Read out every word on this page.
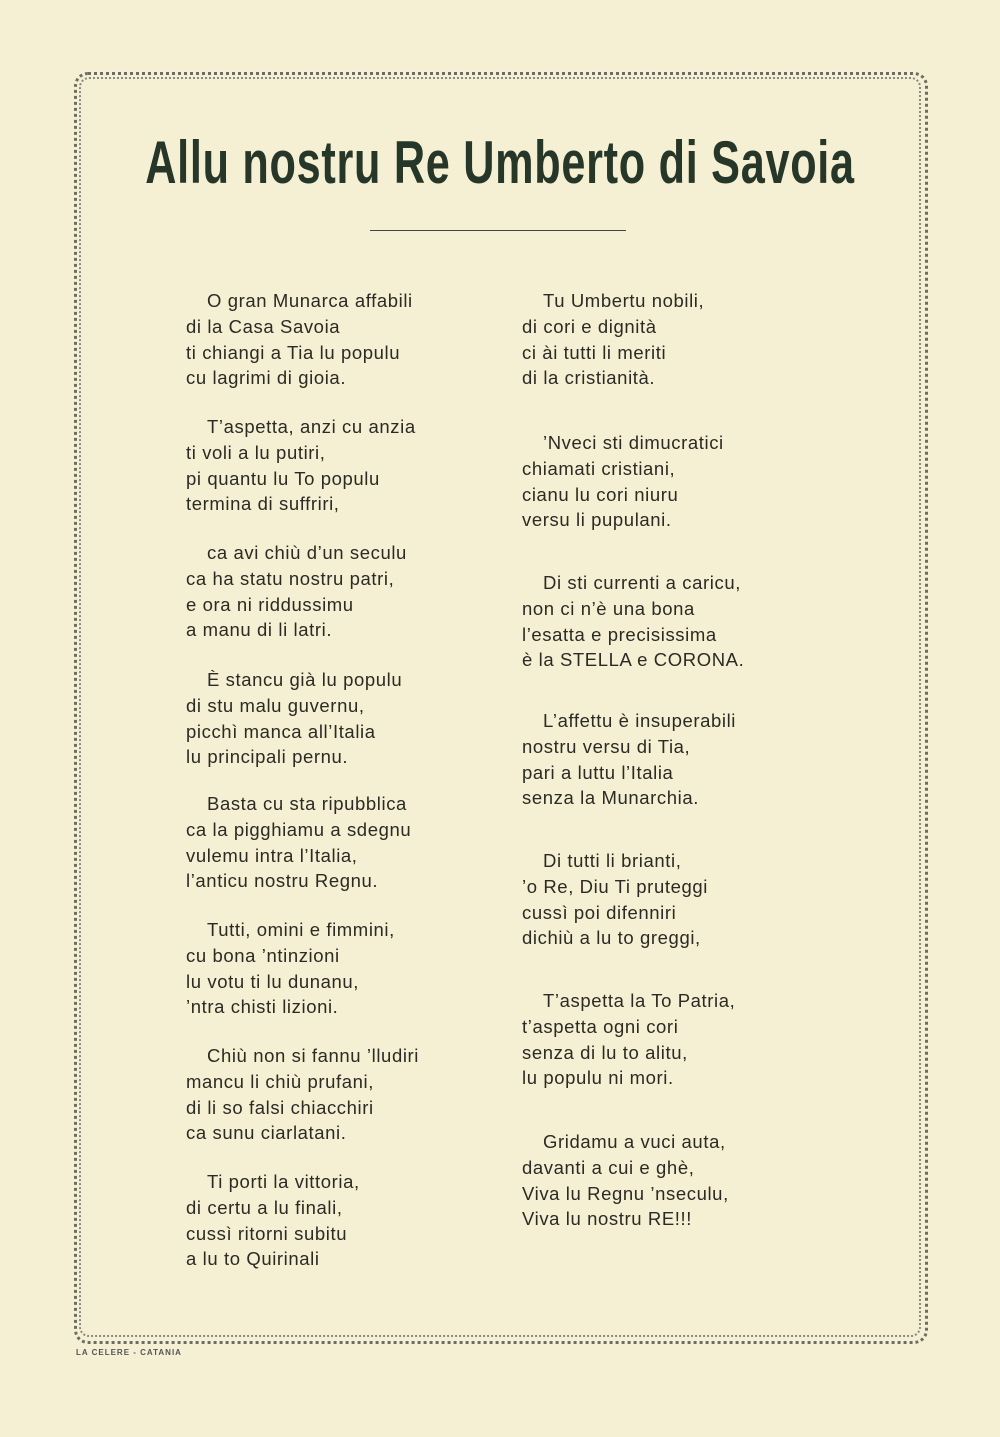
Allu nostru Re Umberto di Savoia
O gran Munarca affabili
di la Casa Savoia
ti chiangi a Tia lu populu
cu lagrimi di gioia.
T’aspetta, anzi cu anzia
ti voli a lu putiri,
pi quantu lu To populu
termina di suffriri,
ca avi chiù d’un seculu
ca ha statu nostru patri,
e ora ni riddussimu
a manu di li latri.
È stancu già lu populu
di stu malu guvernu,
picchì manca all’Italia
lu principali pernu.
Basta cu sta ripubblica
ca la pigghiamu a sdegnu
vulemu intra l’Italia,
l’anticu nostru Regnu.
Tutti, omini e fimmini,
cu bona ’ntinzioni
lu votu ti lu dunanu,
’ntra chisti lizioni.
Chiù non si fannu ’lludiri
mancu li chiù prufani,
di li so falsi chiacchiri
ca sunu ciarlatani.
Ti porti la vittoria,
di certu a lu finali,
cussì ritorni subitu
a lu to Quirinali
Tu Umbertu nobili,
di cori e dignità
ci ài tutti li meriti
di la cristianità.
’Nveci sti dimucratici
chiamati cristiani,
cianu lu cori niuru
versu li pupulani.
Di sti currenti a caricu,
non ci n’è una bona
l’esatta e precisissima
è la STELLA e CORONA.
L’affettu è insuperabili
nostru versu di Tia,
pari a luttu l’Italia
senza la Munarchia.
Di tutti li brianti,
’o Re, Diu Ti pruteggi
cussì poi difenniri
dichiù a lu to greggi,
T’aspetta la To Patria,
t’aspetta ogni cori
senza di lu to alitu,
lu populu ni mori.
Gridamu a vuci auta,
davanti a cui e ghè,
Viva lu Regnu ’nseculu,
Viva lu nostru RE!!!
LA CELERE - CATANIA
